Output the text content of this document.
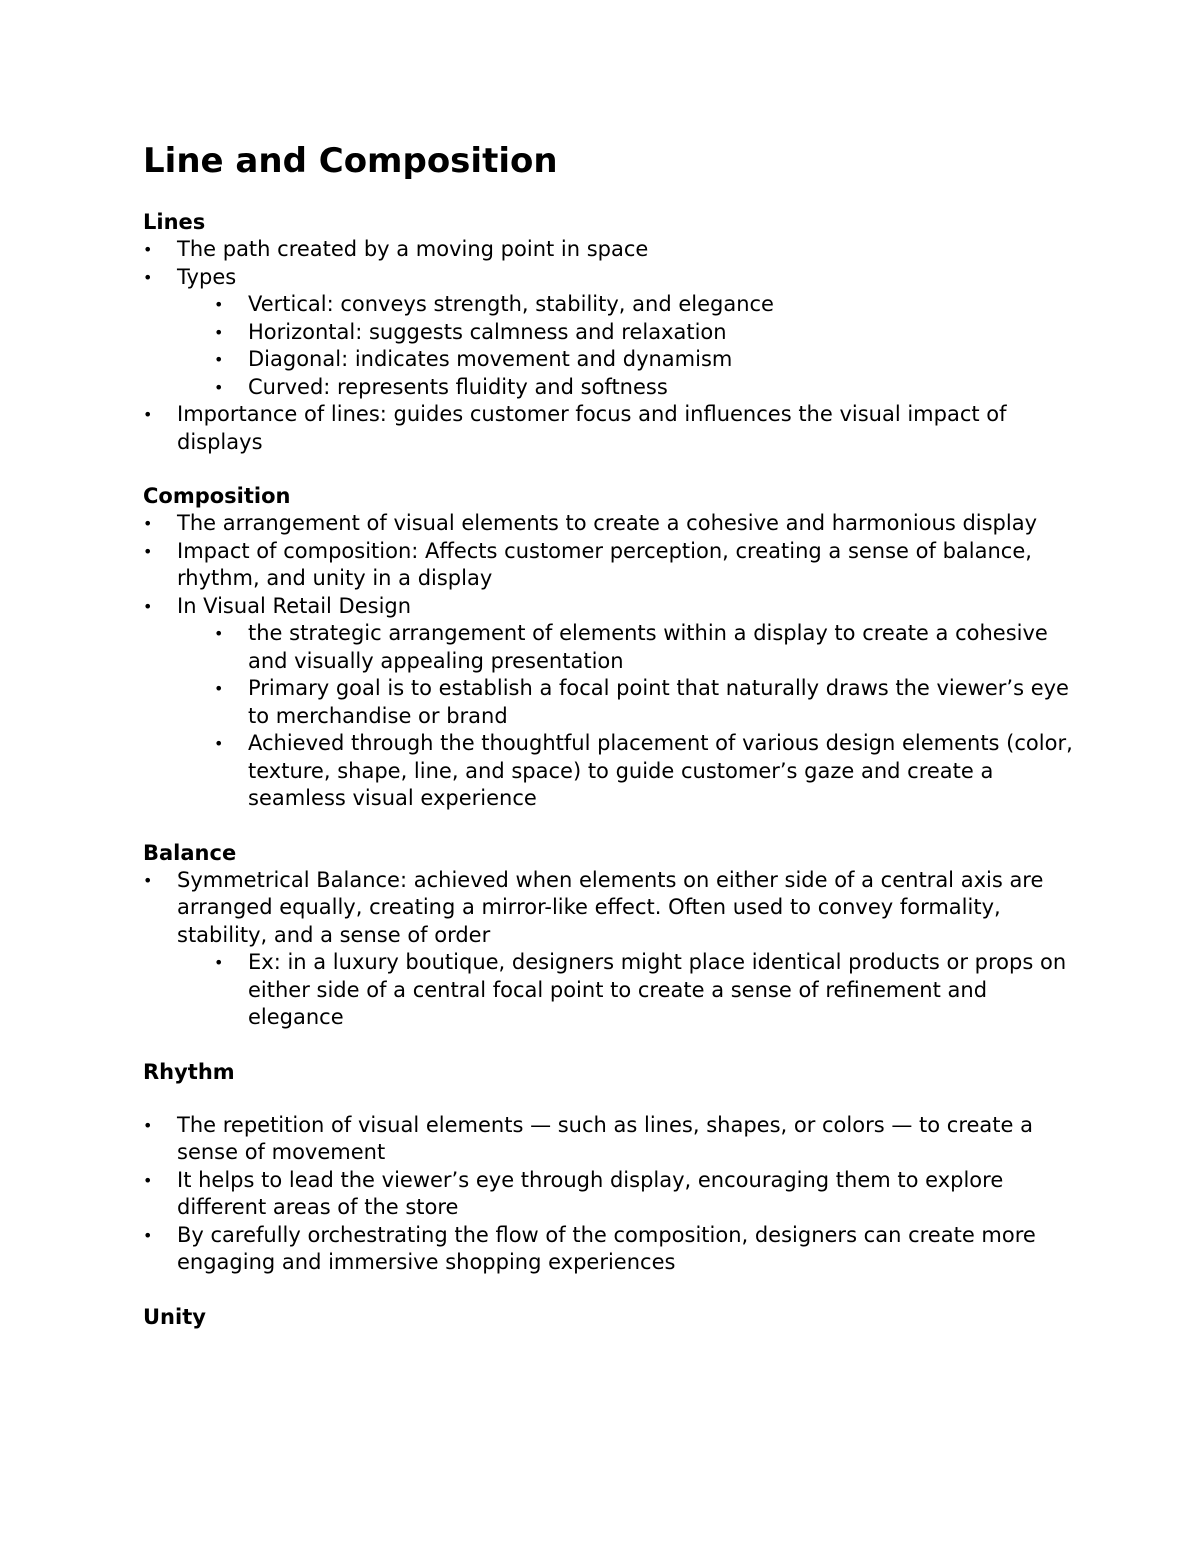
Line and Composition
Lines
• The path created by a moving point in space
• Types
• Vertical: conveys strength, stability, and elegance
• Horizontal: suggests calmness and relaxation
• Diagonal: indicates movement and dynamism
• Curved: represents fluidity and softness
• Importance of lines: guides customer focus and influences the visual impact of displays
Composition
• The arrangement of visual elements to create a cohesive and harmonious display
• Impact of composition: Affects customer perception, creating a sense of balance, rhythm, and unity in a display
• In Visual Retail Design
• the strategic arrangement of elements within a display to create a cohesive and visually appealing presentation
• Primary goal is to establish a focal point that naturally draws the viewer’s eye to merchandise or brand
• Achieved through the thoughtful placement of various design elements (color, texture, shape, line, and space) to guide customer’s gaze and create a seamless visual experience
Balance
• Symmetrical Balance: achieved when elements on either side of a central axis are arranged equally, creating a mirror-like effect. Often used to convey formality, stability, and a sense of order
• Ex: in a luxury boutique, designers might place identical products or props on either side of a central focal point to create a sense of refinement and elegance
Rhythm
• The repetition of visual elements — such as lines, shapes, or colors — to create a sense of movement
• It helps to lead the viewer’s eye through display, encouraging them to explore different areas of the store
• By carefully orchestrating the flow of the composition, designers can create more engaging and immersive shopping experiences
Unity
